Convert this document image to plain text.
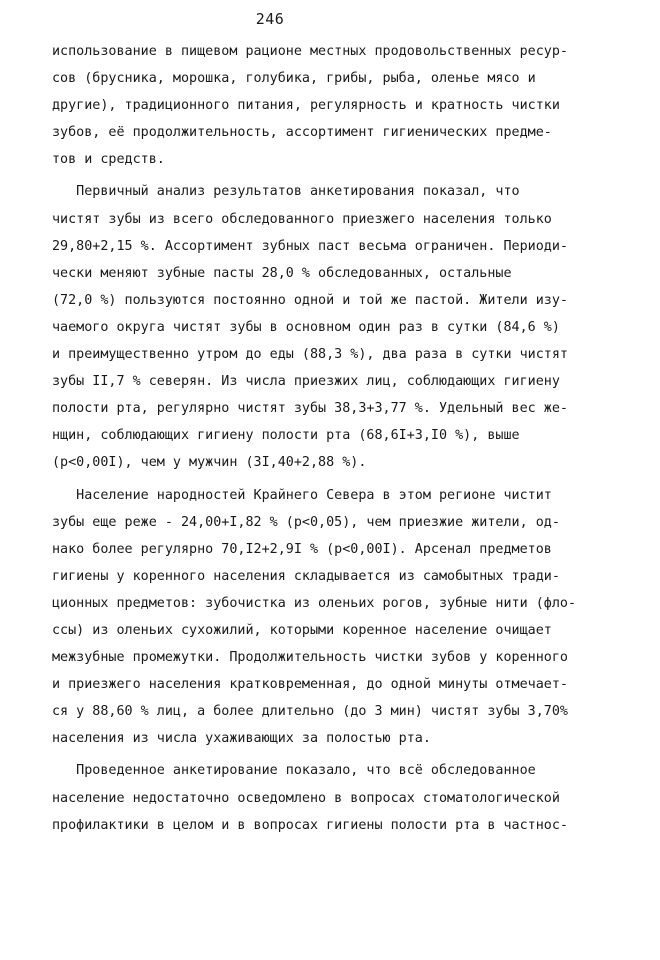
246
использование в пищевом рационе местных продовольственных ресур-
сов (брусника, морошка, голубика, грибы, рыба, оленье мясо и
другие), традиционного питания, регулярность и кратность чистки
зубов, её продолжительность, ассортимент гигиенических предме-
тов и средств.
Первичный анализ результатов анкетирования показал, что
чистят зубы из всего обследованного приезжего населения только
29,80+2,15 %. Ассортимент зубных паст весьма ограничен. Периоди-
чески меняют зубные пасты 28,0 % обследованных, остальные
(72,0 %) пользуются постоянно одной и той же пастой. Жители изу-
чаемого округа чистят зубы в основном один раз в сутки (84,6 %)
и преимущественно утром до еды (88,3 %), два раза в сутки чистят
зубы II,7 % северян. Из числа приезжих лиц, соблюдающих гигиену
полости рта, регулярно чистят зубы 38,3+3,77 %. Удельный вес же-
нщин, соблюдающих гигиену полости рта (68,6I+3,I0 %), выше
(p<0,00I), чем у мужчин (3I,40+2,88 %).
Население народностей Крайнего Севера в этом регионе чистит
зубы еще реже - 24,00+I,82 % (p<0,05), чем приезжие жители, од-
нако более регулярно 70,I2+2,9I % (p<0,00I). Арсенал предметов
гигиены у коренного населения складывается из самобытных тради-
ционных предметов: зубочистка из оленьих рогов, зубные нити (фло-
ссы) из оленьих сухожилий, которыми коренное население очищает
межзубные промежутки. Продолжительность чистки зубов у коренного
и приезжего населения кратковременная, до одной минуты отмечает-
ся у 88,60 % лиц, а более длительно (до 3 мин) чистят зубы 3,70%
населения из числа ухаживающих за полостью рта.
Проведенное анкетирование показало, что всё обследованное
население недостаточно осведомлено в вопросах стоматологической
профилактики в целом и в вопросах гигиены полости рта в частнос-
